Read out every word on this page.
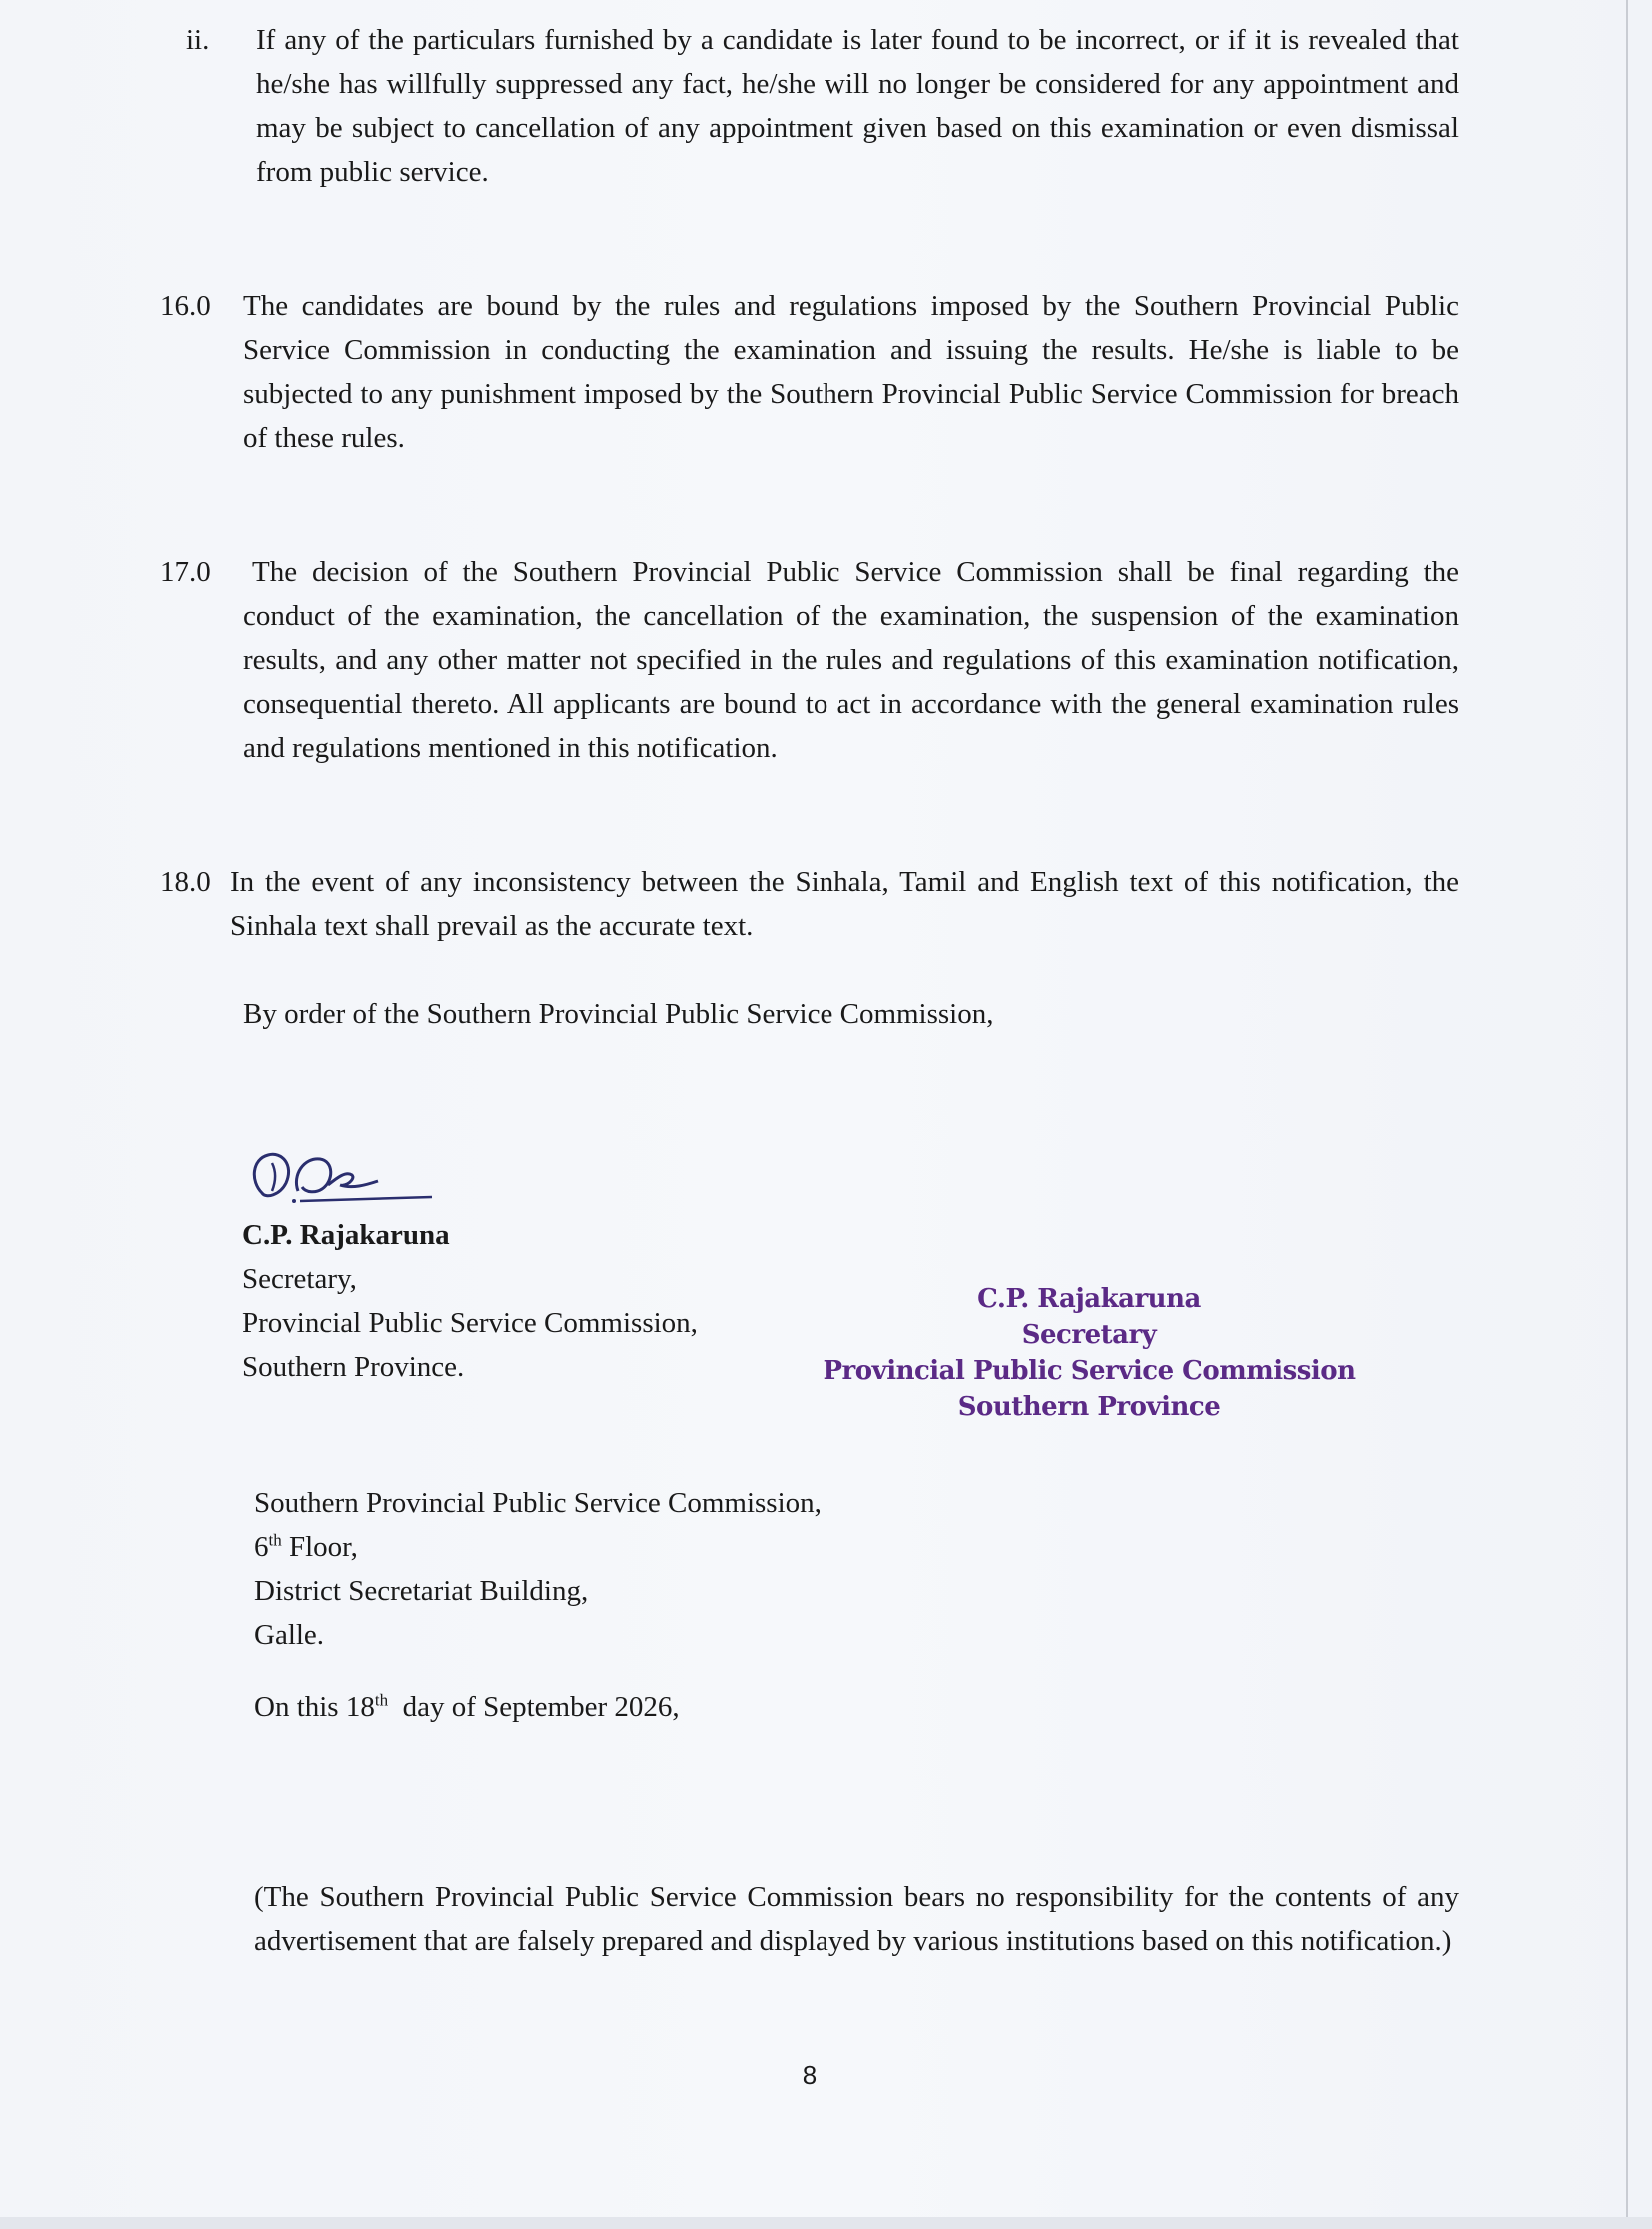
ii. If any of the particulars furnished by a candidate is later found to be incorrect, or if it is revealed that he/she has willfully suppressed any fact, he/she will no longer be considered for any appointment and may be subject to cancellation of any appointment given based on this examination or even dismissal from public service.

16.0 The candidates are bound by the rules and regulations imposed by the Southern Provincial Public Service Commission in conducting the examination and issuing the results. He/she is liable to be subjected to any punishment imposed by the Southern Provincial Public Service Commission for breach of these rules.

17.0	The decision of the Southern Provincial Public Service Commission shall be final regarding the conduct of the examination, the cancellation of the examination, the suspension of the examination results, and any other matter not specified in the rules and regulations of this examination notification, consequential thereto. All applicants are bound to act in accordance with the general examination rules and regulations mentioned in this notification.

18.0 In the event of any inconsistency between the Sinhala, Tamil and English text of this notification, the Sinhala text shall prevail as the accurate text.

By order of the Southern Provincial Public Service Commission,
C.P. Rajakaruna
Secretary,
Provincial Public Service Commission,
Southern Province.
C.P. Rajakaruna
Secretary
Provincial Public Service Commission
Southern Province
Southern Provincial Public Service Commission,
6th Floor,
District Secretariat Building,
Galle.
On this 18th  day of September 2026,

(The Southern Provincial Public Service Commission bears no responsibility for the contents of any advertisement that are falsely prepared and displayed by various institutions based on this notification.)

8
